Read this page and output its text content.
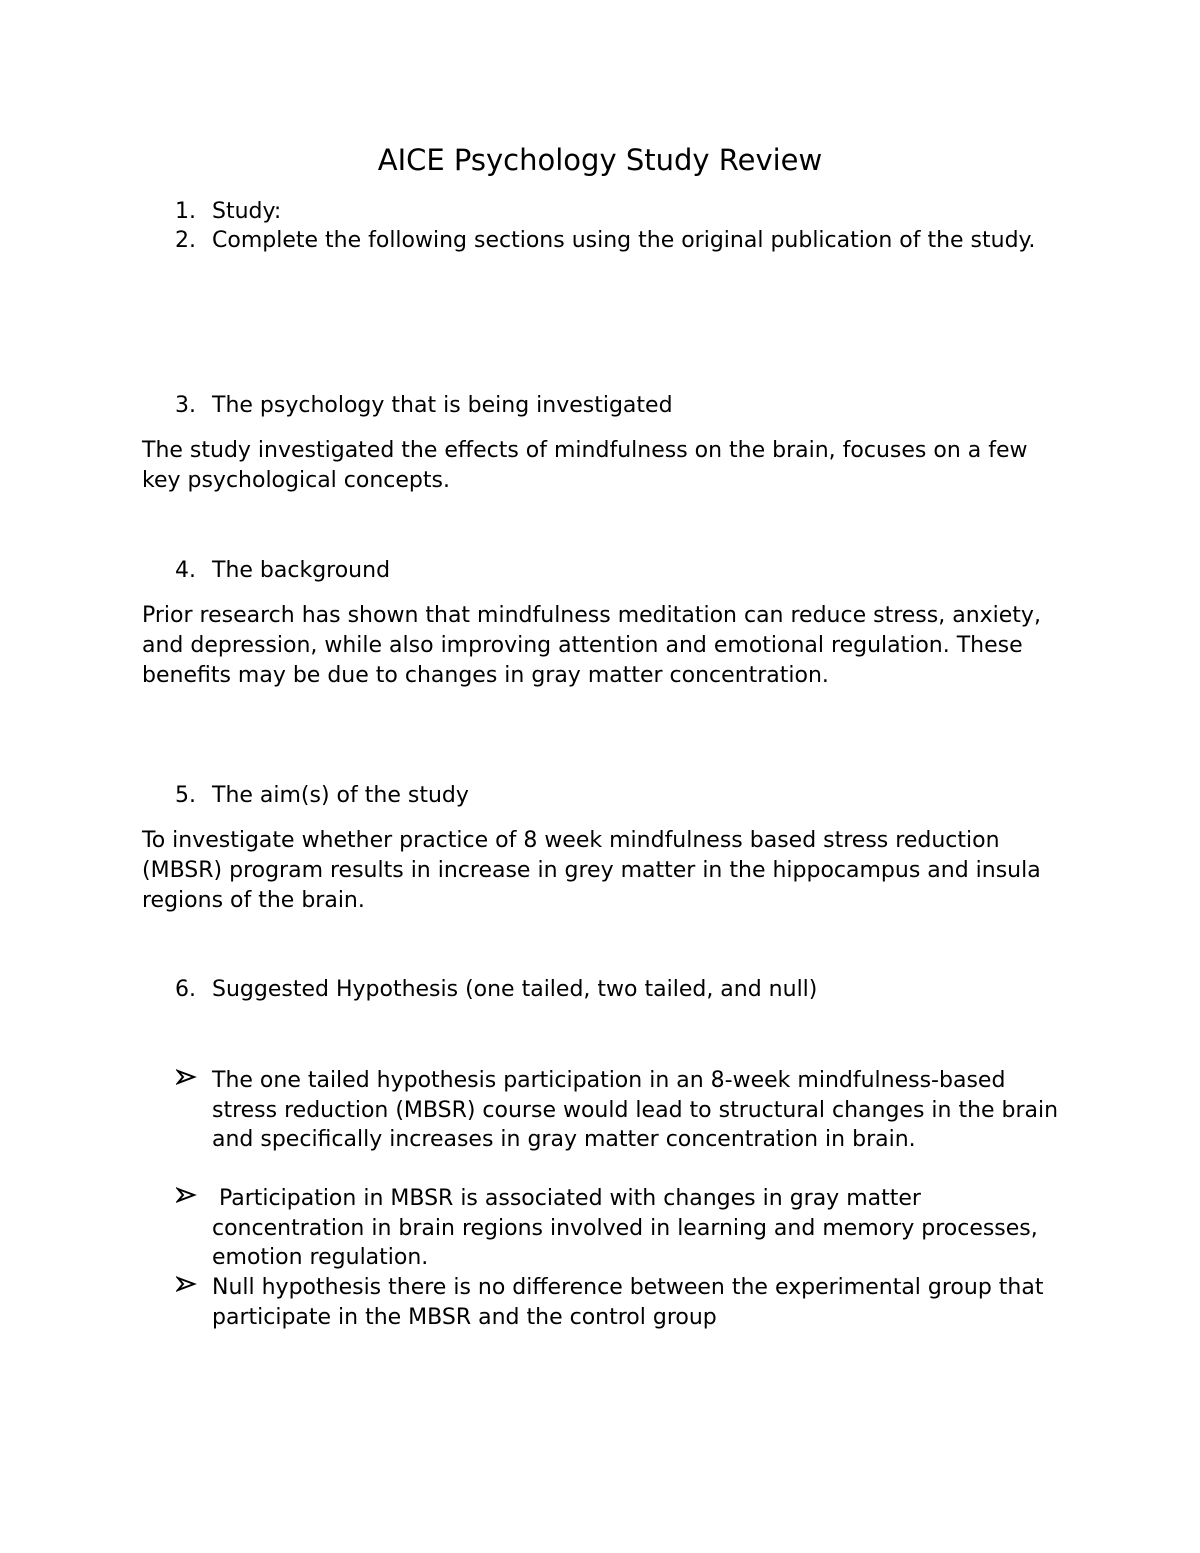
AICE Psychology Study Review
1. Study:
2. Complete the following sections using the original publication of the study.
3. The psychology that is being investigated

The study investigated the effects of mindfulness on the brain, focuses on a few key psychological concepts.

4. The background

Prior research has shown that mindfulness meditation can reduce stress, anxiety, and depression, while also improving attention and emotional regulation. These benefits may be due to changes in gray matter concentration.

5. The aim(s) of the study

To investigate whether practice of 8 week mindfulness based stress reduction (MBSR) program results in increase in grey matter in the hippocampus and insula regions of the brain.

6. Suggested Hypothesis (one tailed, two tailed, and null)
The one tailed hypothesis participation in an 8-week mindfulness-based stress reduction (MBSR) course would lead to structural changes in the brain and specifically increases in gray matter concentration in brain.
Participation in MBSR is associated with changes in gray matter concentration in brain regions involved in learning and memory processes, emotion regulation.
Null hypothesis there is no difference between the experimental group that participate in the MBSR and the control group
